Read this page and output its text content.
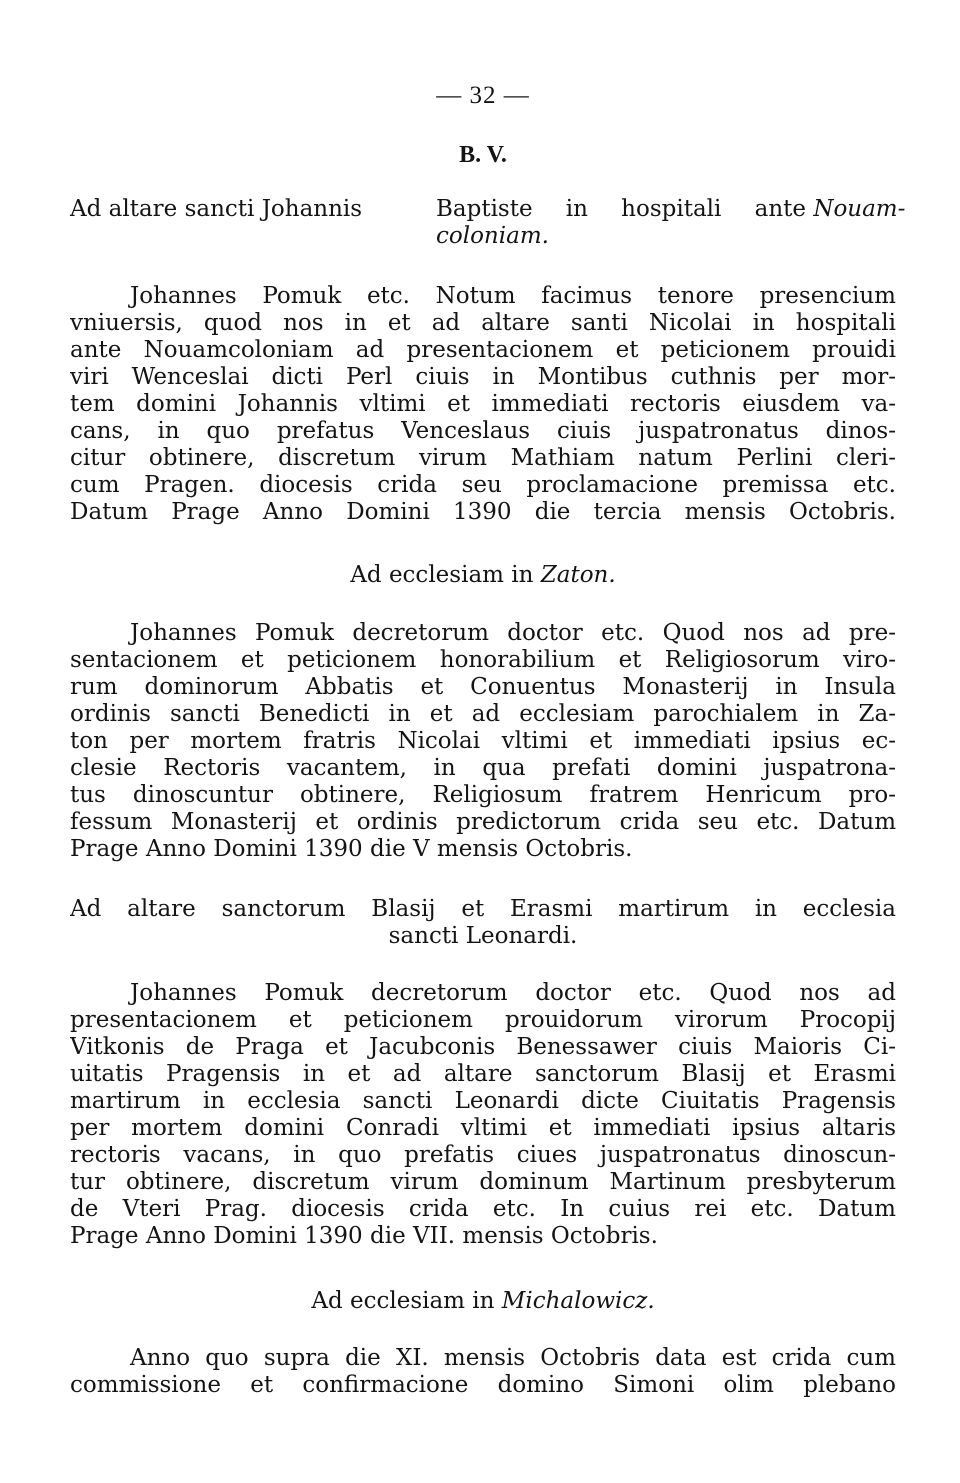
— 32 —
B. V.
Ad altare sancti Johannis	Baptiste in hospitali ante Nouam-
coloniam.
Johannes Pomuk etc. Notum facimus tenore presencium
vniuersis, quod nos in et ad altare santi Nicolai in hospitali
ante Nouamcoloniam ad presentacionem et peticionem prouidi
viri Wenceslai dicti Perl ciuis in Montibus cuthnis per mor-
tem domini Johannis vltimi et immediati rectoris eiusdem va-
cans, in quo prefatus Venceslaus ciuis juspatronatus dinos-
citur obtinere, discretum virum Mathiam natum Perlini cleri-
cum Pragen. diocesis crida seu proclamacione premissa etc.
Datum Prage Anno Domini 1390 die tercia mensis Octobris.
Ad ecclesiam in Zaton.
Johannes Pomuk decretorum doctor etc. Quod nos ad pre-
sentacionem et peticionem honorabilium et Religiosorum viro-
rum dominorum Abbatis et Conuentus Monasterij in Insula
ordinis sancti Benedicti in et ad ecclesiam parochialem in Za-
ton per mortem fratris Nicolai vltimi et immediati ipsius ec-
clesie Rectoris vacantem, in qua prefati domini juspatrona-
tus dinoscuntur obtinere, Religiosum fratrem Henricum pro-
fessum Monasterij et ordinis predictorum crida seu etc. Datum
Prage Anno Domini 1390 die V mensis Octobris.
Ad altare sanctorum Blasij et Erasmi martirum in ecclesia
sancti Leonardi.
Johannes Pomuk decretorum doctor etc. Quod nos ad
presentacionem et peticionem prouidorum virorum Procopij
Vitkonis de Praga et Jacubconis Benessawer ciuis Maioris Ci-
uitatis Pragensis in et ad altare sanctorum Blasij et Erasmi
martirum in ecclesia sancti Leonardi dicte Ciuitatis Pragensis
per mortem domini Conradi vltimi et immediati ipsius altaris
rectoris vacans, in quo prefatis ciues juspatronatus dinoscun-
tur obtinere, discretum virum dominum Martinum presbyterum
de Vteri Prag. diocesis crida etc. In cuius rei etc. Datum
Prage Anno Domini 1390 die VII. mensis Octobris.
Ad ecclesiam in Michalowicz.
Anno quo supra die XI. mensis Octobris data est crida cum
commissione et confirmacione domino Simoni olim plebano
